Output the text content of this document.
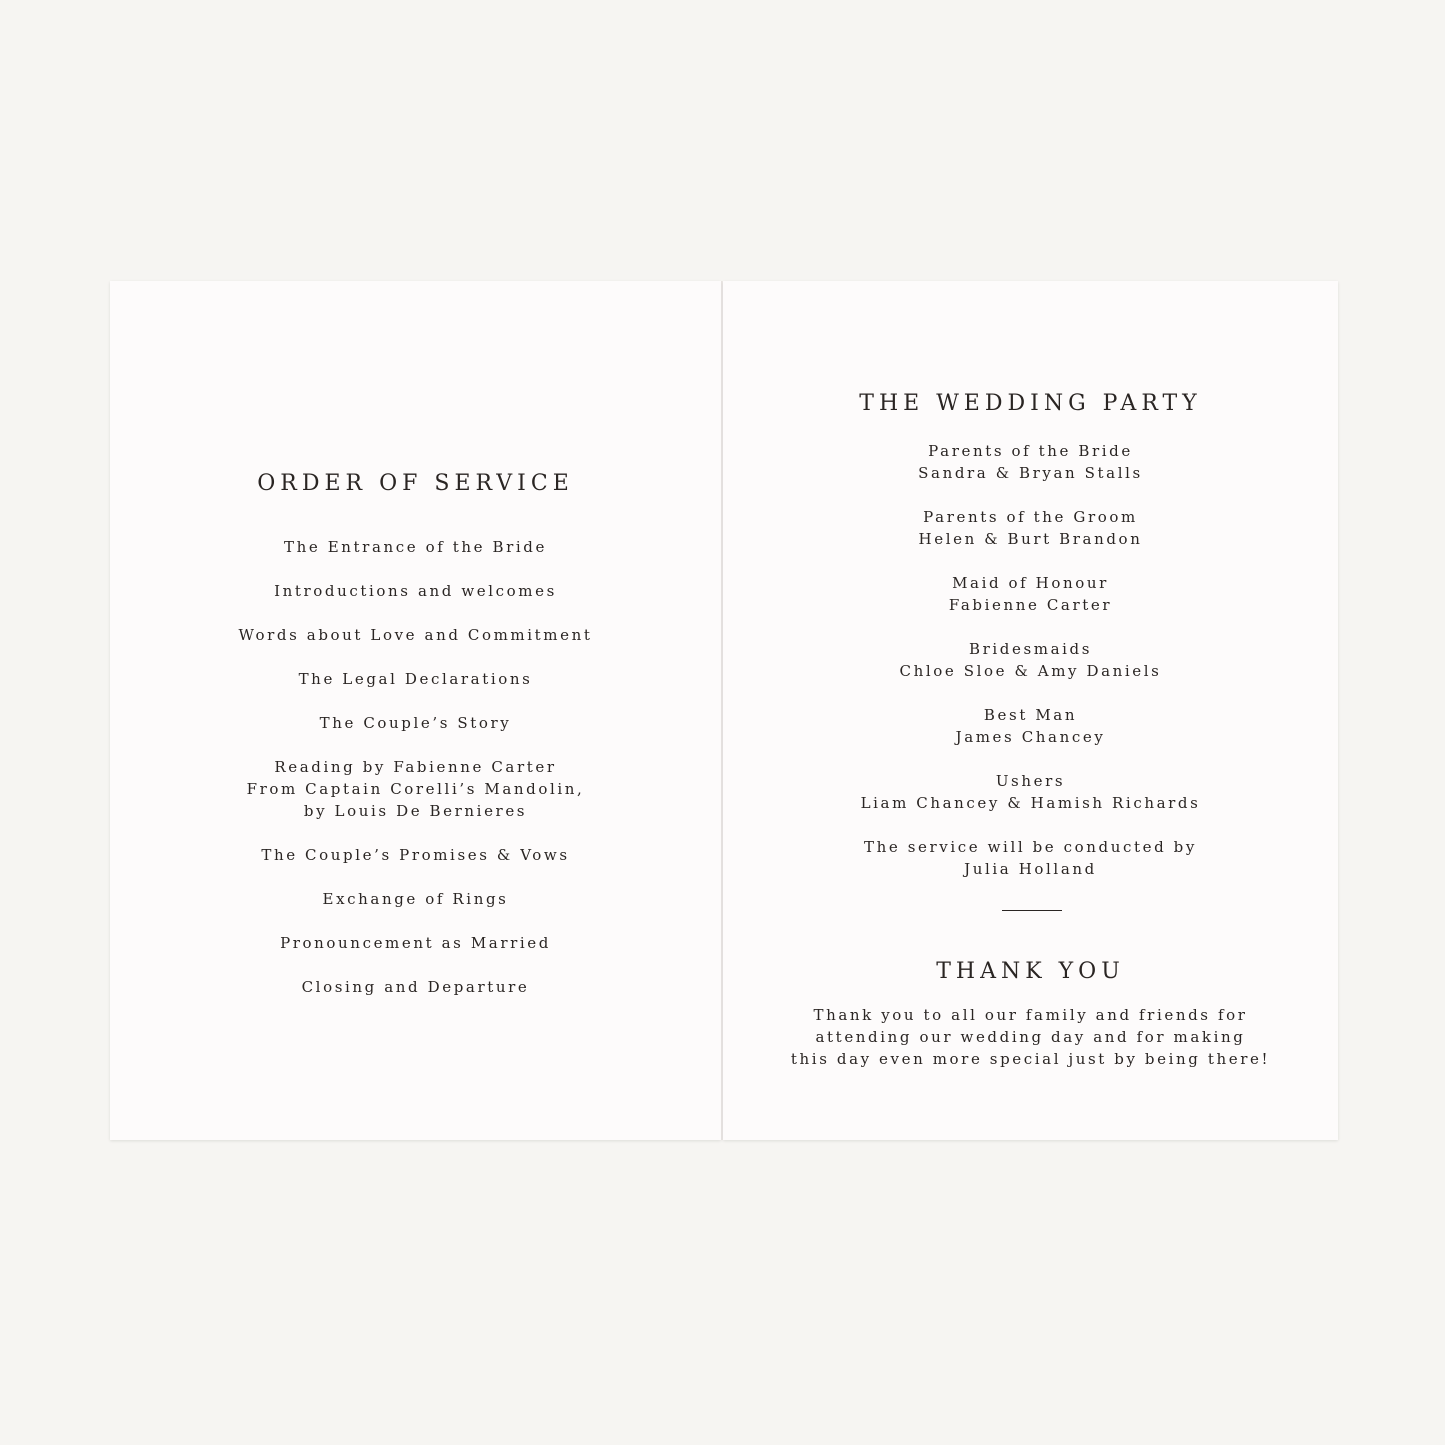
ORDER OF SERVICE
The Entrance of the Bride
Introductions and welcomes
Words about Love and Commitment
The Legal Declarations
The Couple’s Story
Reading by Fabienne Carter
From Captain Corelli’s Mandolin,
by Louis De Bernieres
The Couple’s Promises & Vows
Exchange of Rings
Pronouncement as Married
Closing and Departure
THE WEDDING PARTY
Parents of the Bride
Sandra & Bryan Stalls
Parents of the Groom
Helen & Burt Brandon
Maid of Honour
Fabienne Carter
Bridesmaids
Chloe Sloe & Amy Daniels
Best Man
James Chancey
Ushers
Liam Chancey & Hamish Richards
The service will be conducted by
Julia Holland
THANK YOU
Thank you to all our family and friends for
attending our wedding day and for making
this day even more special just by being there!
